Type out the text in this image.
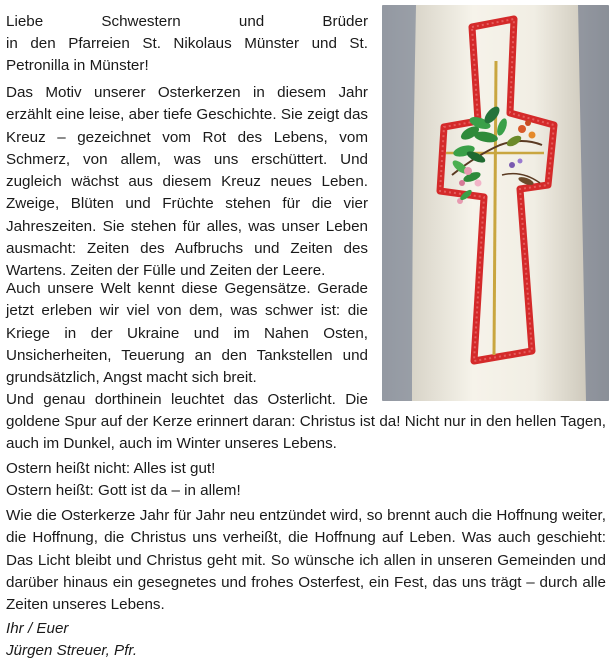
Liebe Schwestern und Brüder

in den Pfarreien St. Nikolaus Münster und St. Petronilla in Münster!

Das Motiv unserer Osterkerzen in diesem Jahr erzählt eine leise, aber tiefe Geschichte. Sie zeigt das Kreuz – gezeichnet vom Rot des Lebens, vom Schmerz, von allem, was uns erschüttert. Und zugleich wächst aus diesem Kreuz neues Leben. Zweige, Blüten und Früchte stehen für die vier Jahreszeiten. Sie stehen für alles, was unser Leben ausmacht: Zeiten des Aufbruchs und Zeiten des Wartens. Zeiten der Fülle und Zeiten der Leere.

Auch unsere Welt kennt diese Gegensätze. Gerade jetzt erleben wir viel von dem, was schwer ist: die Kriege in der Ukraine und im Nahen Osten, Unsicherheiten, Teuerung an den Tankstellen und grundsätzlich, Angst macht sich breit.

Und genau dorthinein leuchtet das Osterlicht. Die

goldene Spur auf der Kerze erinnert daran: Christus ist da! Nicht nur in den hellen Tagen, auch im Dunkel, auch im Winter unseres Lebens.

Ostern heißt nicht: Alles ist gut!

Ostern heißt: Gott ist da – in allem!

Wie die Osterkerze Jahr für Jahr neu entzündet wird, so brennt auch die Hoffnung weiter, die Hoffnung, die Christus uns verheißt, die Hoffnung auf Leben. Was auch geschieht: Das Licht bleibt und Christus geht mit. So wünsche ich allen in unseren Gemeinden und darüber hinaus ein gesegnetes und frohes Osterfest, ein Fest, das uns trägt – durch alle Zeiten unseres Lebens.

Ihr / Euer

Jürgen Streuer, Pfr.
